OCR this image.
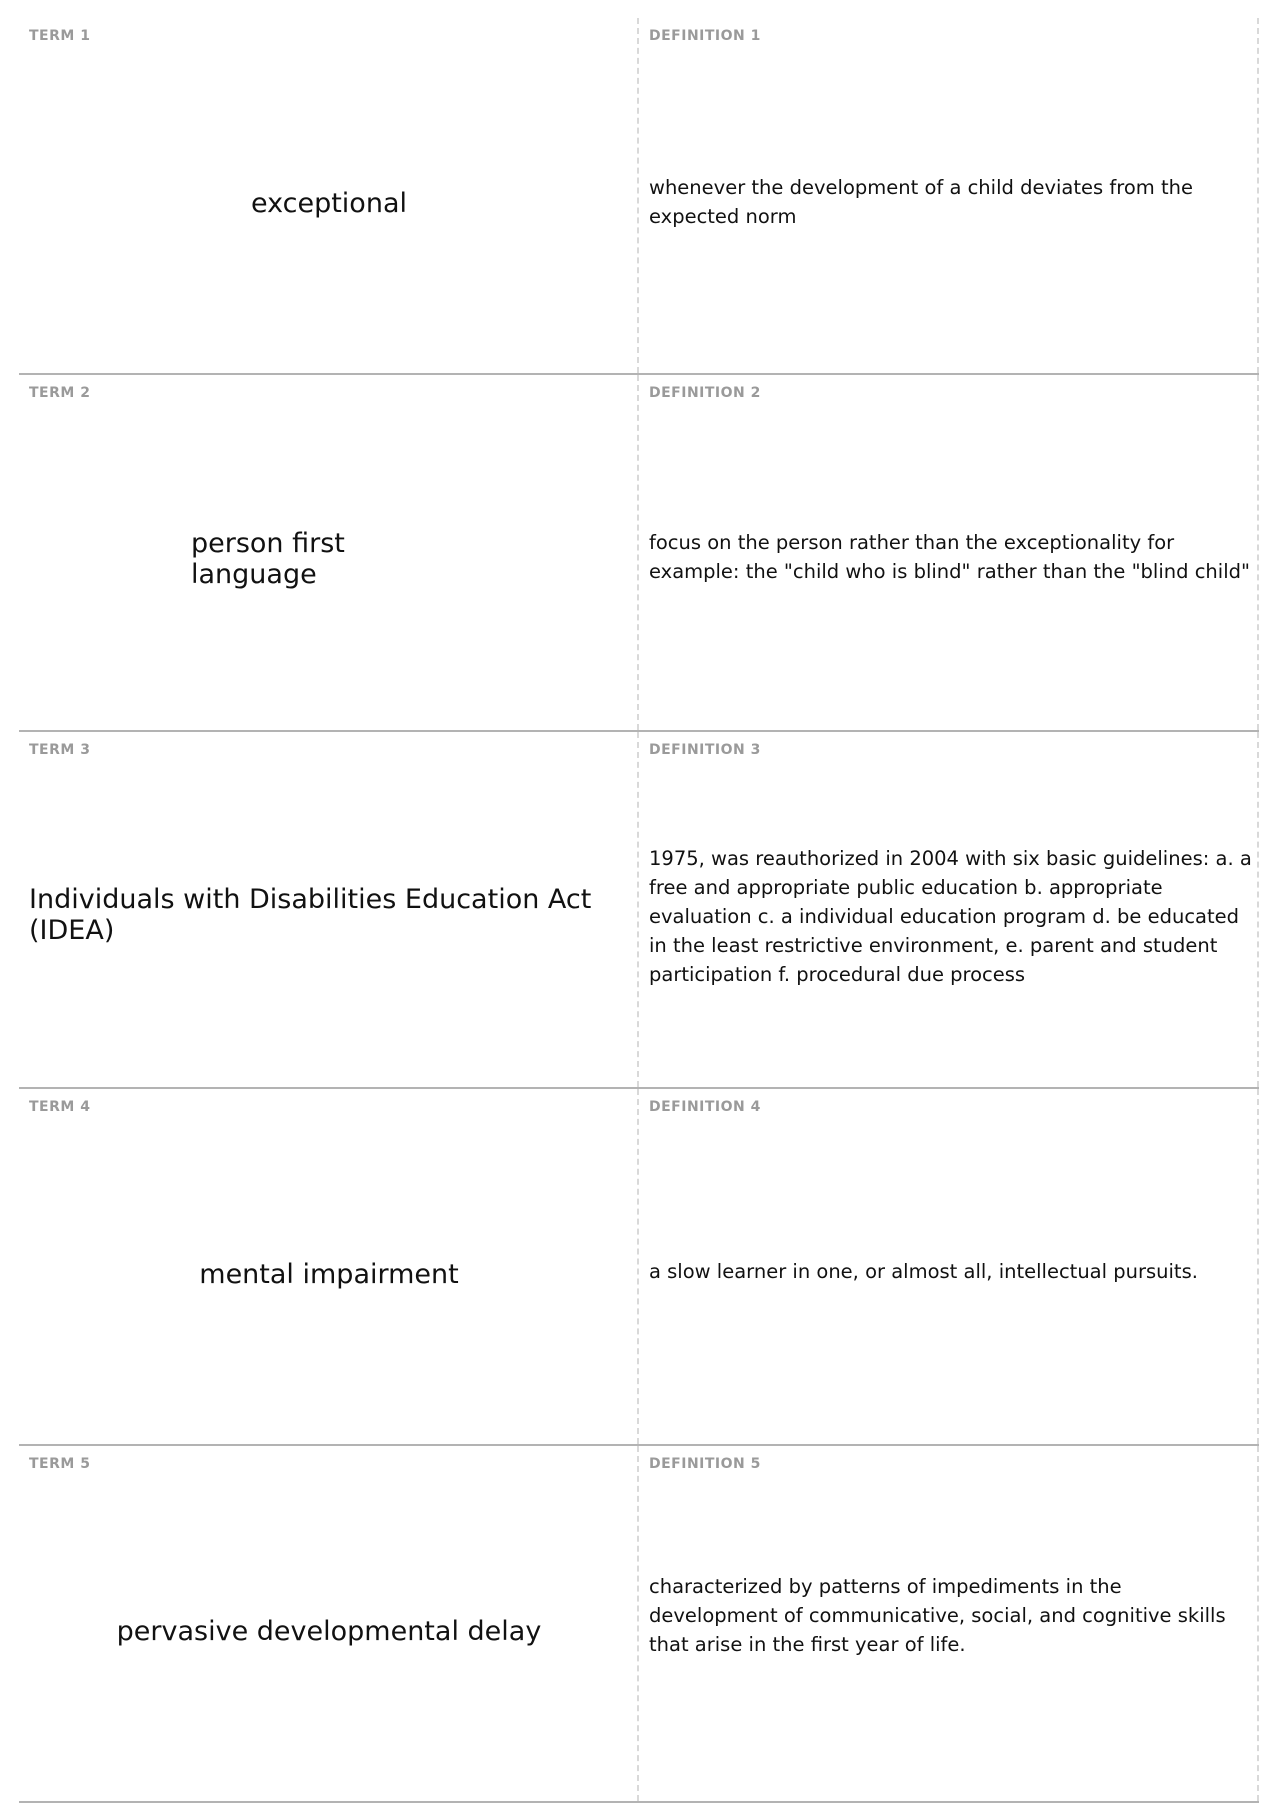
TERM 1
exceptional
DEFINITION 1
whenever the development of a child deviates from the expected norm
TERM 2
person first
language
DEFINITION 2
focus on the person rather than the exceptionality for example: the "child who is blind" rather than the "blind child"
TERM 3
Individuals with Disabilities Education Act (IDEA)
DEFINITION 3
1975, was reauthorized in 2004 with six basic guidelines: a. a free and appropriate public education b. appropriate evaluation c. a individual education program d. be educated in the least restrictive environment, e. parent and student participation f. procedural due process
TERM 4
mental impairment
DEFINITION 4
a slow learner in one, or almost all, intellectual pursuits.
TERM 5
pervasive developmental delay
DEFINITION 5
characterized by patterns of impediments in the development of communicative, social, and cognitive skills that arise in the first year of life.
